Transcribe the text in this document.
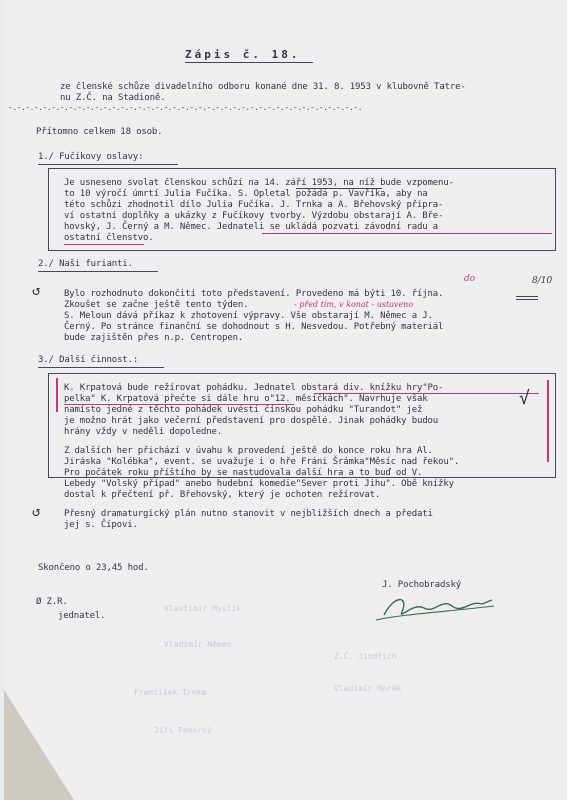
Zápis č. 18.
ze členské schůze divadelního odboru konané dne 31. 8. 1953 v klubovně Tatre-
nu Z.Č. na Stadioně.
-.-.-.-.-.-.-.-.-.-.-.-.-.-.-.-.-.-.-.-.-.-.-.-.-.-.-.-.-.-.-.-.-.-.-.-.-.-.-.-.-.
Přítomno celkem 18 osob.
1./ Fučíkovy oslavy:
Je usneseno svolat členskou schůzi na 14. září 1953, na níž bude vzpomenu-
to 10 výročí úmrtí Julia Fučíka. S. Opletal požádá p. Vavříka, aby na
této schůzi zhodnotil dílo Julia Fučíka. J. Trnka a A. Břehovský připra-
ví ostatní doplňky a ukázky z Fučíkovy tvorby. Výzdobu obstarají A. Bře-
hovský, J. Černý a M. Němec. Jednateli se ukládá pozvati závodní radu a
ostatní členstvo.
2./ Naši furianti.
↺	Bylo rozhodnuto dokončiti toto představení. Provedeno má býti 10. října.
Zkoušet se začne ještě tento týden.
S. Meloun dává příkaz k zhotovení výpravy. Vše obstarají M. Němec a J.
Černý. Po stránce finanční se dohodnout s H. Nesvedou. Potřebný materiál
bude zajištěn přes n.p. Centropen.
do	8/10
- před tím, v konat - ustaveno
3./ Další činnost.:
K. Krpatová bude režírovat pohádku. Jednatel obstará div. knížku hry"Po-
pelka" K. Krpatová přečte si dále hru o"12. měsíčkách". Navrhuje však
namísto jedné z těchto pohádek uvésti čínskou pohádku "Turandot" jež
je možno hrát jako večerní představení pro dospělé. Jinak pohádky budou
hrány vždy v neděli dopoledne.
√
Z dalších her přichází v úvahu k provedení ještě do konce roku hra Al.
Jiráska "Kolébka", event. se uvažuje i o hře Fráni Šrámka"Měsíc nad řekou".
Pro počátek roku příštího by se nastudovala další hra a to buď od V.
Lebedy "Volský případ" anebo hudební komedie"Sever proti Jihu". Obě knížky
dostal k přečtení př. Břehovský, který je ochoten režírovat.
↺	Přesný dramaturgický plán nutno stanovit v nejbližších dnech a předati
jej s. Čípovi.
Skončeno o 23,45 hod.
Vlastimír Myslík
Vladimír Němec
Z.Č. Jindřich
František Trnka	Vladimír Horák
Jiří Pokorný
Ø Z.R.
jednatel.
J. Pochobradský
